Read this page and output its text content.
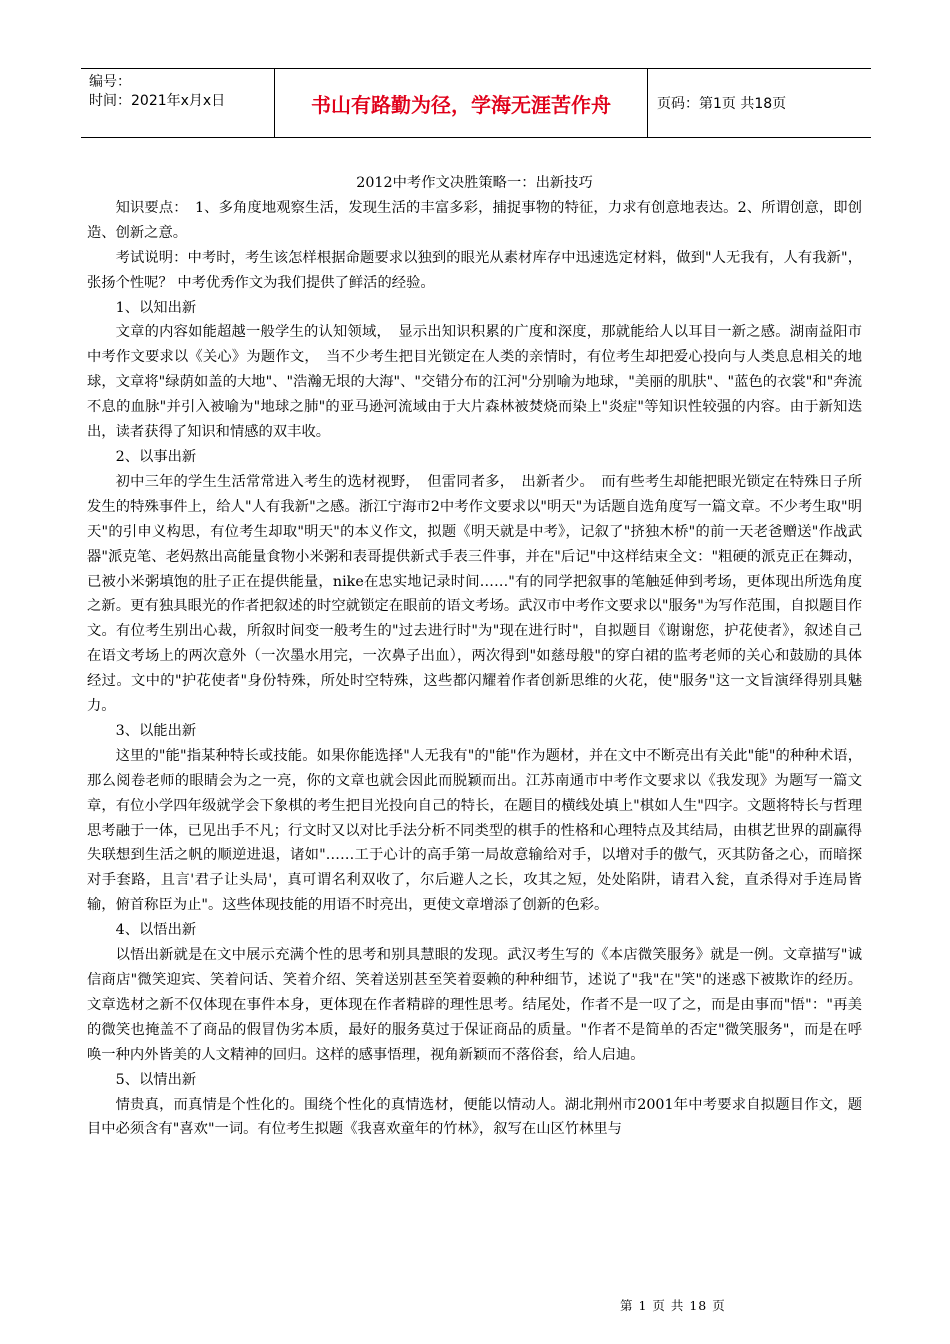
编号：
时间：2021年x月x日	书山有路勤为径，学海无涯苦作舟	页码：第1页 共18页
2012中考作文决胜策略一：出新技巧

知识要点：　1、多角度地观察生活，发现生活的丰富多彩，捕捉事物的特征，力求有创意地表达。2、所谓创意，即创造、创新之意。

考试说明：中考时，考生该怎样根据命题要求以独到的眼光从素材库存中迅速选定材料，做到"人无我有，人有我新"，张扬个性呢？ 中考优秀作文为我们提供了鲜活的经验。

1、以知出新

文章的内容如能超越一般学生的认知领域，　显示出知识积累的广度和深度，那就能给人以耳目一新之感。湖南益阳市中考作文要求以《关心》为题作文，　当不少考生把目光锁定在人类的亲情时，有位考生却把爱心投向与人类息息相关的地球，文章将"绿荫如盖的大地"、"浩瀚无垠的大海"、"交错分布的江河"分别喻为地球，"美丽的肌肤"、"蓝色的衣裳"和"奔流不息的血脉"并引入被喻为"地球之肺"的亚马逊河流域由于大片森林被焚烧而染上"炎症"等知识性较强的内容。由于新知迭出，读者获得了知识和情感的双丰收。

2、以事出新

初中三年的学生生活常常进入考生的选材视野，　但雷同者多，　出新者少。　而有些考生却能把眼光锁定在特殊日子所发生的特殊事件上，给人"人有我新"之感。浙江宁海市2中考作文要求以"明天"为话题自选角度写一篇文章。不少考生取"明天"的引申义构思，有位考生却取"明天"的本义作文，拟题《明天就是中考》，记叙了"挤独木桥"的前一天老爸赠送"作战武器"派克笔、老妈熬出高能量食物小米粥和表哥提供新式手表三件事，并在"后记"中这样结束全文："粗硬的派克正在舞动，已被小米粥填饱的肚子正在提供能量，nike在忠实地记录时间……"有的同学把叙事的笔触延伸到考场，更体现出所选角度之新。更有独具眼光的作者把叙述的时空就锁定在眼前的语文考场。武汉市中考作文要求以"服务"为写作范围，自拟题目作文。有位考生别出心裁，所叙时间变一般考生的"过去进行时"为"现在进行时"，自拟题目《谢谢您，护花使者》，叙述自己在语文考场上的两次意外（一次墨水用完，一次鼻子出血），两次得到"如慈母般"的穿白裙的监考老师的关心和鼓励的具体经过。文中的"护花使者"身份特殊，所处时空特殊，这些都闪耀着作者创新思维的火花，使"服务"这一文旨演绎得别具魅力。

3、以能出新

这里的"能"指某种特长或技能。如果你能选择"人无我有"的"能"作为题材，并在文中不断亮出有关此"能"的种种术语，那么阅卷老师的眼睛会为之一亮，你的文章也就会因此而脱颖而出。江苏南通市中考作文要求以《我发现》为题写一篇文章，有位小学四年级就学会下象棋的考生把目光投向自己的特长，在题目的横线处填上"棋如人生"四字。文题将特长与哲理思考融于一体，已见出手不凡；行文时又以对比手法分析不同类型的棋手的性格和心理特点及其结局，由棋艺世界的副赢得失联想到生活之帆的顺逆进退，诸如"……工于心计的高手第一局故意输给对手，以增对手的傲气，灭其防备之心，而暗探对手套路，且言'君子让头局'，真可谓名利双收了，尔后避人之长，攻其之短，处处陷阱，请君入瓮，直杀得对手连局皆输，俯首称臣为止"。这些体现技能的用语不时亮出，更使文章增添了创新的色彩。

4、以悟出新

以悟出新就是在文中展示充满个性的思考和别具慧眼的发现。武汉考生写的《本店微笑服务》就是一例。文章描写"诚信商店"微笑迎宾、笑着问话、笑着介绍、笑着送别甚至笑着耍赖的种种细节，述说了"我"在"笑"的迷惑下被欺诈的经历。文章选材之新不仅体现在事件本身，更体现在作者精辟的理性思考。结尾处，作者不是一叹了之，而是由事而"悟"："再美的微笑也掩盖不了商品的假冒伪劣本质，最好的服务莫过于保证商品的质量。"作者不是简单的否定"微笑服务"，而是在呼唤一种内外皆美的人文精神的回归。这样的感事悟理，视角新颖而不落俗套，给人启迪。

5、以情出新

情贵真，而真情是个性化的。围绕个性化的真情选材，便能以情动人。湖北荆州市2001年中考要求自拟题目作文，题目中必须含有"喜欢"一词。有位考生拟题《我喜欢童年的竹林》，叙写在山区竹林里与

第 1 页 共 18 页
